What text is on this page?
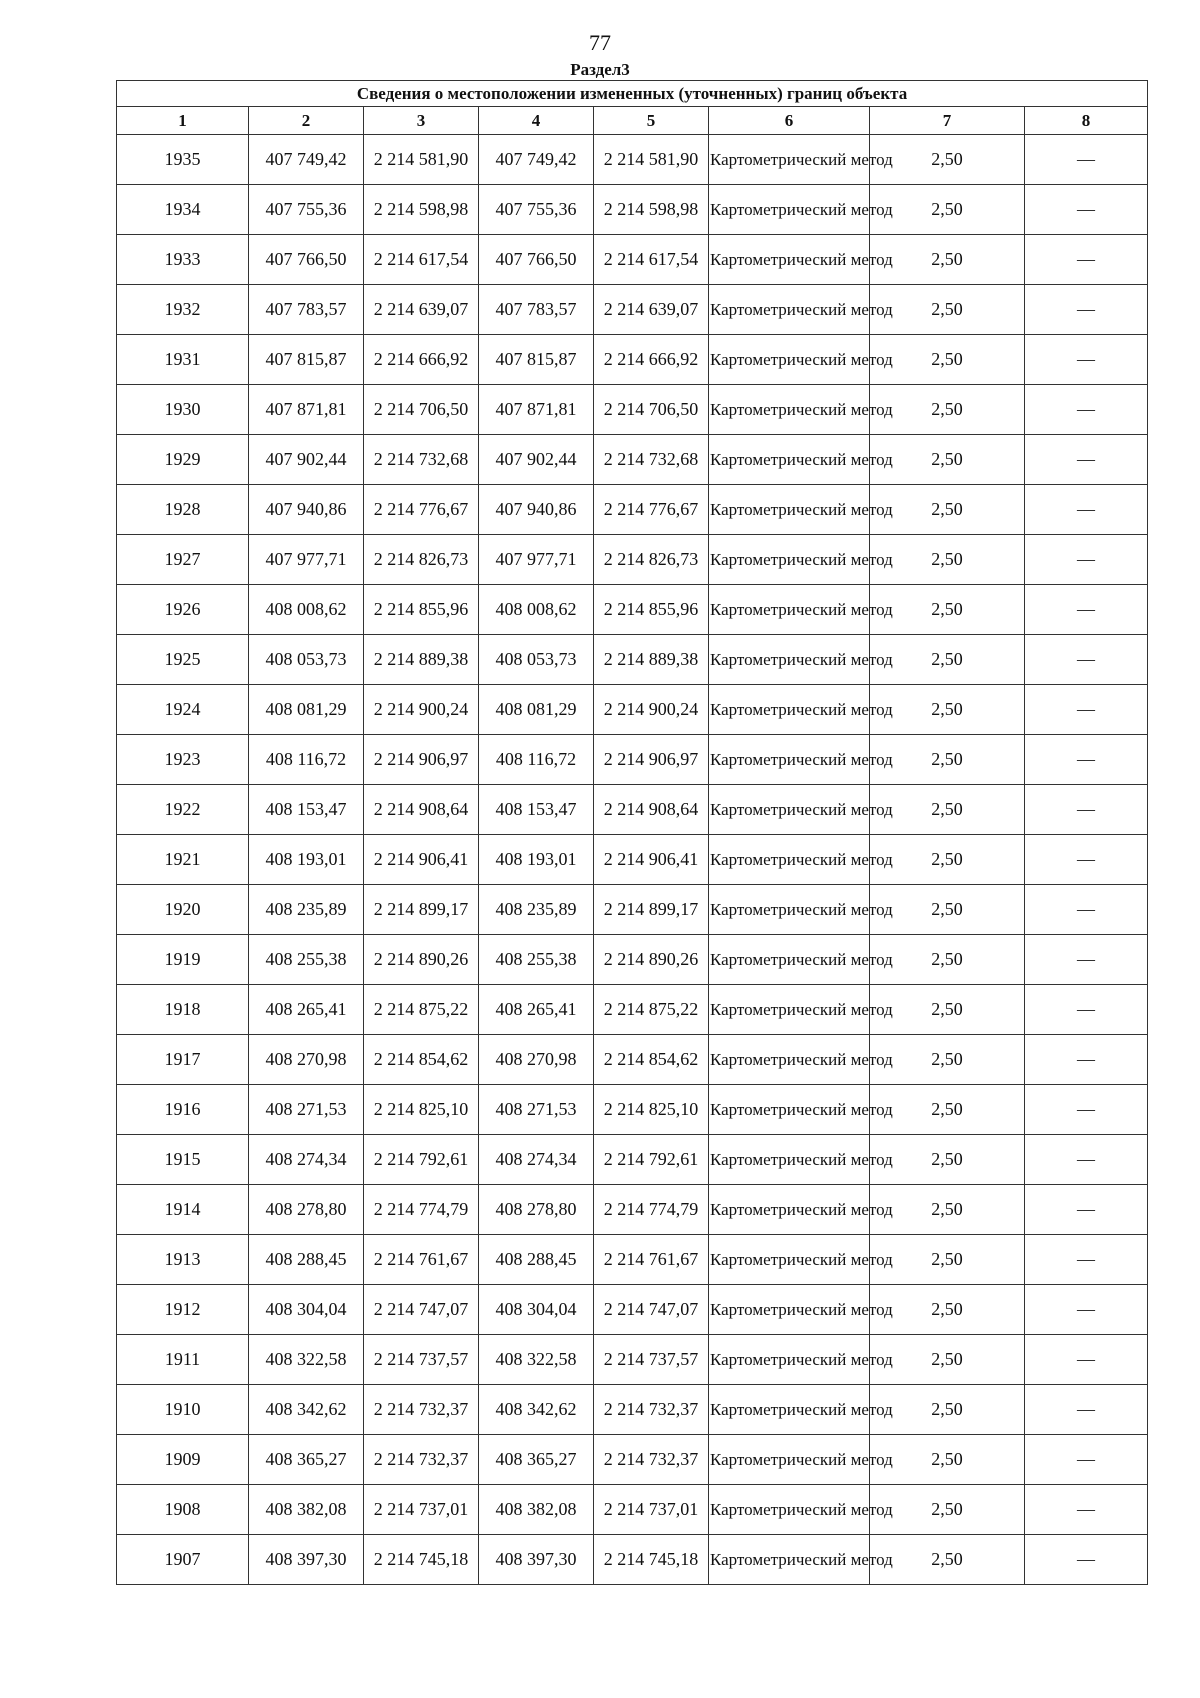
77
Раздел3
Сведения о местоположении измененных (уточненных) границ объекта							
1	2	3	4	5	6	7	8
1935	407 749,42	2 214 581,90	407 749,42	2 214 581,90	Картометрический метод	2,50	—
1934	407 755,36	2 214 598,98	407 755,36	2 214 598,98	Картометрический метод	2,50	—
1933	407 766,50	2 214 617,54	407 766,50	2 214 617,54	Картометрический метод	2,50	—
1932	407 783,57	2 214 639,07	407 783,57	2 214 639,07	Картометрический метод	2,50	—
1931	407 815,87	2 214 666,92	407 815,87	2 214 666,92	Картометрический метод	2,50	—
1930	407 871,81	2 214 706,50	407 871,81	2 214 706,50	Картометрический метод	2,50	—
1929	407 902,44	2 214 732,68	407 902,44	2 214 732,68	Картометрический метод	2,50	—
1928	407 940,86	2 214 776,67	407 940,86	2 214 776,67	Картометрический метод	2,50	—
1927	407 977,71	2 214 826,73	407 977,71	2 214 826,73	Картометрический метод	2,50	—
1926	408 008,62	2 214 855,96	408 008,62	2 214 855,96	Картометрический метод	2,50	—
1925	408 053,73	2 214 889,38	408 053,73	2 214 889,38	Картометрический метод	2,50	—
1924	408 081,29	2 214 900,24	408 081,29	2 214 900,24	Картометрический метод	2,50	—
1923	408 116,72	2 214 906,97	408 116,72	2 214 906,97	Картометрический метод	2,50	—
1922	408 153,47	2 214 908,64	408 153,47	2 214 908,64	Картометрический метод	2,50	—
1921	408 193,01	2 214 906,41	408 193,01	2 214 906,41	Картометрический метод	2,50	—
1920	408 235,89	2 214 899,17	408 235,89	2 214 899,17	Картометрический метод	2,50	—
1919	408 255,38	2 214 890,26	408 255,38	2 214 890,26	Картометрический метод	2,50	—
1918	408 265,41	2 214 875,22	408 265,41	2 214 875,22	Картометрический метод	2,50	—
1917	408 270,98	2 214 854,62	408 270,98	2 214 854,62	Картометрический метод	2,50	—
1916	408 271,53	2 214 825,10	408 271,53	2 214 825,10	Картометрический метод	2,50	—
1915	408 274,34	2 214 792,61	408 274,34	2 214 792,61	Картометрический метод	2,50	—
1914	408 278,80	2 214 774,79	408 278,80	2 214 774,79	Картометрический метод	2,50	—
1913	408 288,45	2 214 761,67	408 288,45	2 214 761,67	Картометрический метод	2,50	—
1912	408 304,04	2 214 747,07	408 304,04	2 214 747,07	Картометрический метод	2,50	—
1911	408 322,58	2 214 737,57	408 322,58	2 214 737,57	Картометрический метод	2,50	—
1910	408 342,62	2 214 732,37	408 342,62	2 214 732,37	Картометрический метод	2,50	—
1909	408 365,27	2 214 732,37	408 365,27	2 214 732,37	Картометрический метод	2,50	—
1908	408 382,08	2 214 737,01	408 382,08	2 214 737,01	Картометрический метод	2,50	—
1907	408 397,30	2 214 745,18	408 397,30	2 214 745,18	Картометрический метод	2,50	—
